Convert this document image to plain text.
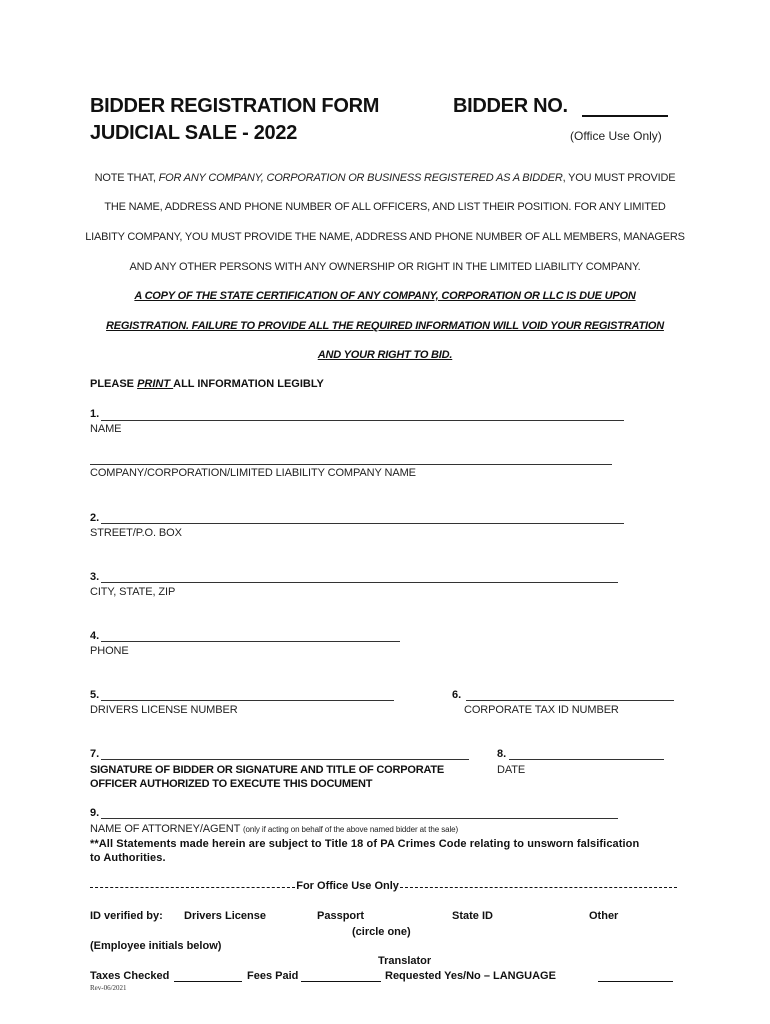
BIDDER REGISTRATION FORM
JUDICIAL SALE - 2022
BIDDER NO.
(Office Use Only)
NOTE THAT, FOR ANY COMPANY, CORPORATION OR BUSINESS REGISTERED AS A BIDDER, YOU MUST PROVIDE
THE NAME, ADDRESS AND PHONE NUMBER OF ALL OFFICERS, AND LIST THEIR POSITION. FOR ANY LIMITED
LIABITY COMPANY, YOU MUST PROVIDE THE NAME, ADDRESS AND PHONE NUMBER OF ALL MEMBERS, MANAGERS
AND ANY OTHER PERSONS WITH ANY OWNERSHIP OR RIGHT IN THE LIMITED LIABILITY COMPANY.
A COPY OF THE STATE CERTIFICATION OF ANY COMPANY, CORPORATION OR LLC IS DUE UPON
REGISTRATION. FAILURE TO PROVIDE ALL THE REQUIRED INFORMATION WILL VOID YOUR REGISTRATION
AND YOUR RIGHT TO BID.
PLEASE PRINT ALL INFORMATION LEGIBLY
1.
NAME
COMPANY/CORPORATION/LIMITED LIABILITY COMPANY NAME
2.
STREET/P.O. BOX
3.
CITY, STATE, ZIP
4.
PHONE
5.
DRIVERS LICENSE NUMBER
6.
CORPORATE TAX ID NUMBER
7.
SIGNATURE OF BIDDER OR SIGNATURE AND TITLE OF CORPORATE
OFFICER AUTHORIZED TO EXECUTE THIS DOCUMENT
8.
DATE
9.
NAME OF ATTORNEY/AGENT (only if acting on behalf of the above named bidder at the sale)
**All Statements made herein are subject to Title 18 of PA Crimes Code relating to unsworn falsification
to Authorities.
For Office Use Only
ID verified by: Drivers License	Passport	State ID	Other
(circle one)
(Employee initials below)
Translator
Taxes Checked	Fees Paid	Requested Yes/No – LANGUAGE
Rev-06/2021
